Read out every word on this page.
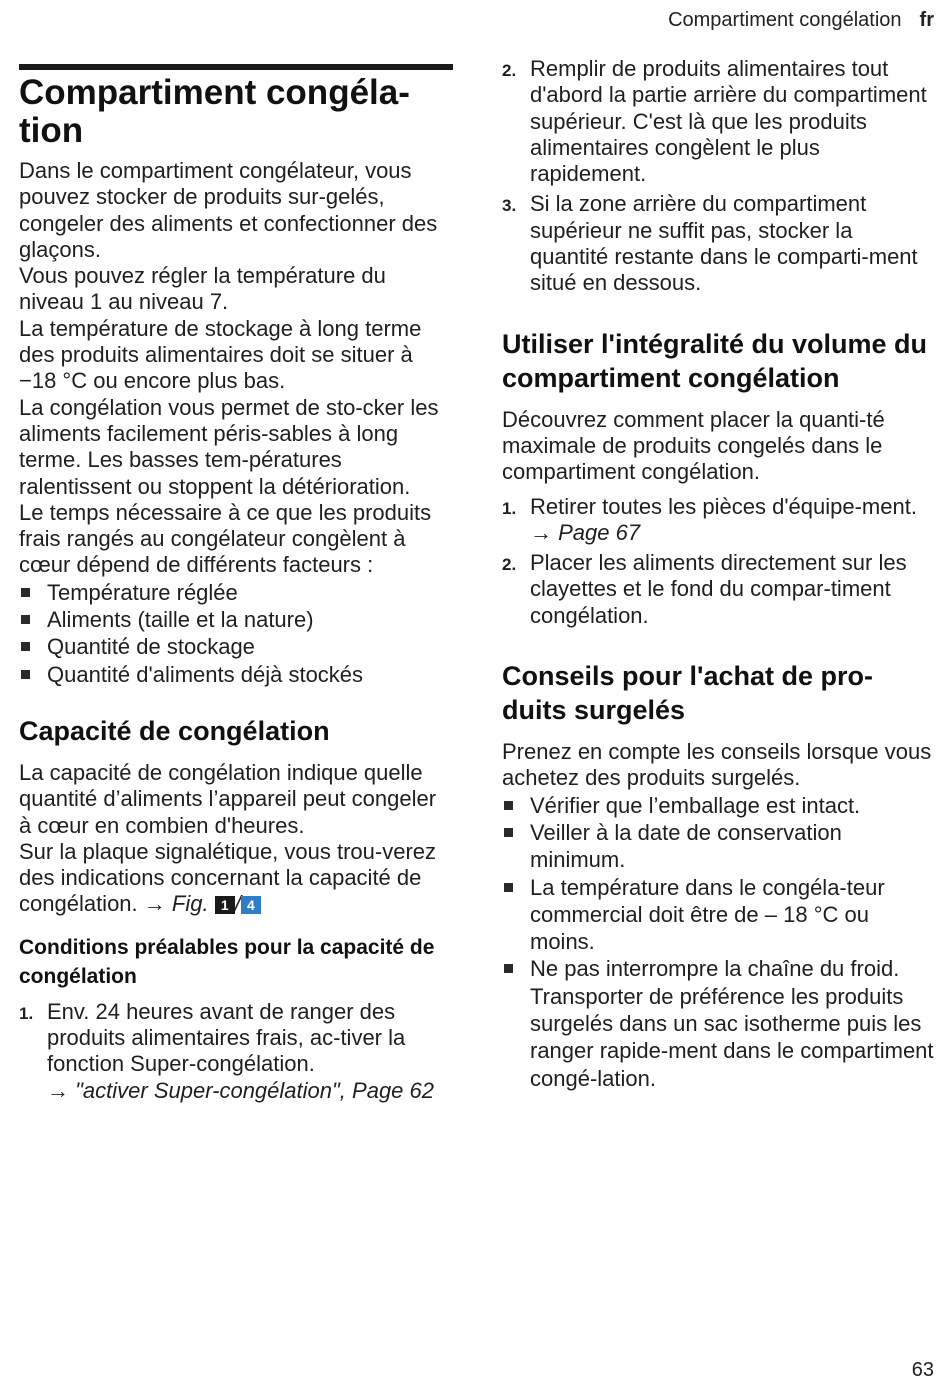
Compartiment congélation fr
Compartiment congéla-
tion

Dans le compartiment congélateur, vous pouvez stocker de produits sur-gelés, congeler des aliments et confectionner des glaçons.

Vous pouvez régler la température du niveau 1 au niveau 7.

La température de stockage à long terme des produits alimentaires doit se situer à −18 °C ou encore plus bas.

La congélation vous permet de sto-cker les aliments facilement péris-sables à long terme. Les basses tem-pératures ralentissent ou stoppent la détérioration.

Le temps nécessaire à ce que les produits frais rangés au congélateur congèlent à cœur dépend de différents facteurs :

Température réglée
Aliments (taille et la nature)
Quantité de stockage
Quantité d'aliments déjà stockés
Capacité de congélation

La capacité de congélation indique quelle quantité d’aliments l’appareil peut congeler à cœur en combien d'heures.

Sur la plaque signalétique, vous trou-verez des indications concernant la capacité de congélation. → Fig. 1 / 4

Conditions préalables pour la capacité de congélation
1. Env. 24 heures avant de ranger des produits alimentaires frais, ac-tiver la fonction Super-congélation.
→ "activer Super-congélation", Page 62
2. Remplir de produits alimentaires tout d'abord la partie arrière du compartiment supérieur. C'est là que les produits alimentaires congèlent le plus rapidement.
3. Si la zone arrière du compartiment supérieur ne suffit pas, stocker la quantité restante dans le comparti-ment situé en dessous.
Utiliser l'intégralité du volume du compartiment congélation

Découvrez comment placer la quanti-té maximale de produits congelés dans le compartiment congélation.

1. Retirer toutes les pièces d'équipe-ment. → Page 67
2. Placer les aliments directement sur les clayettes et le fond du compar-timent congélation.
Conseils pour l'achat de pro-duits surgelés

Prenez en compte les conseils lorsque vous achetez des produits surgelés.

Vérifier que l’emballage est intact.
Veiller à la date de conservation minimum.
La température dans le congéla-teur commercial doit être de – 18 °C ou moins.
Ne pas interrompre la chaîne du froid. Transporter de préférence les produits surgelés dans un sac isotherme puis les ranger rapide-ment dans le compartiment congé-lation.
63
